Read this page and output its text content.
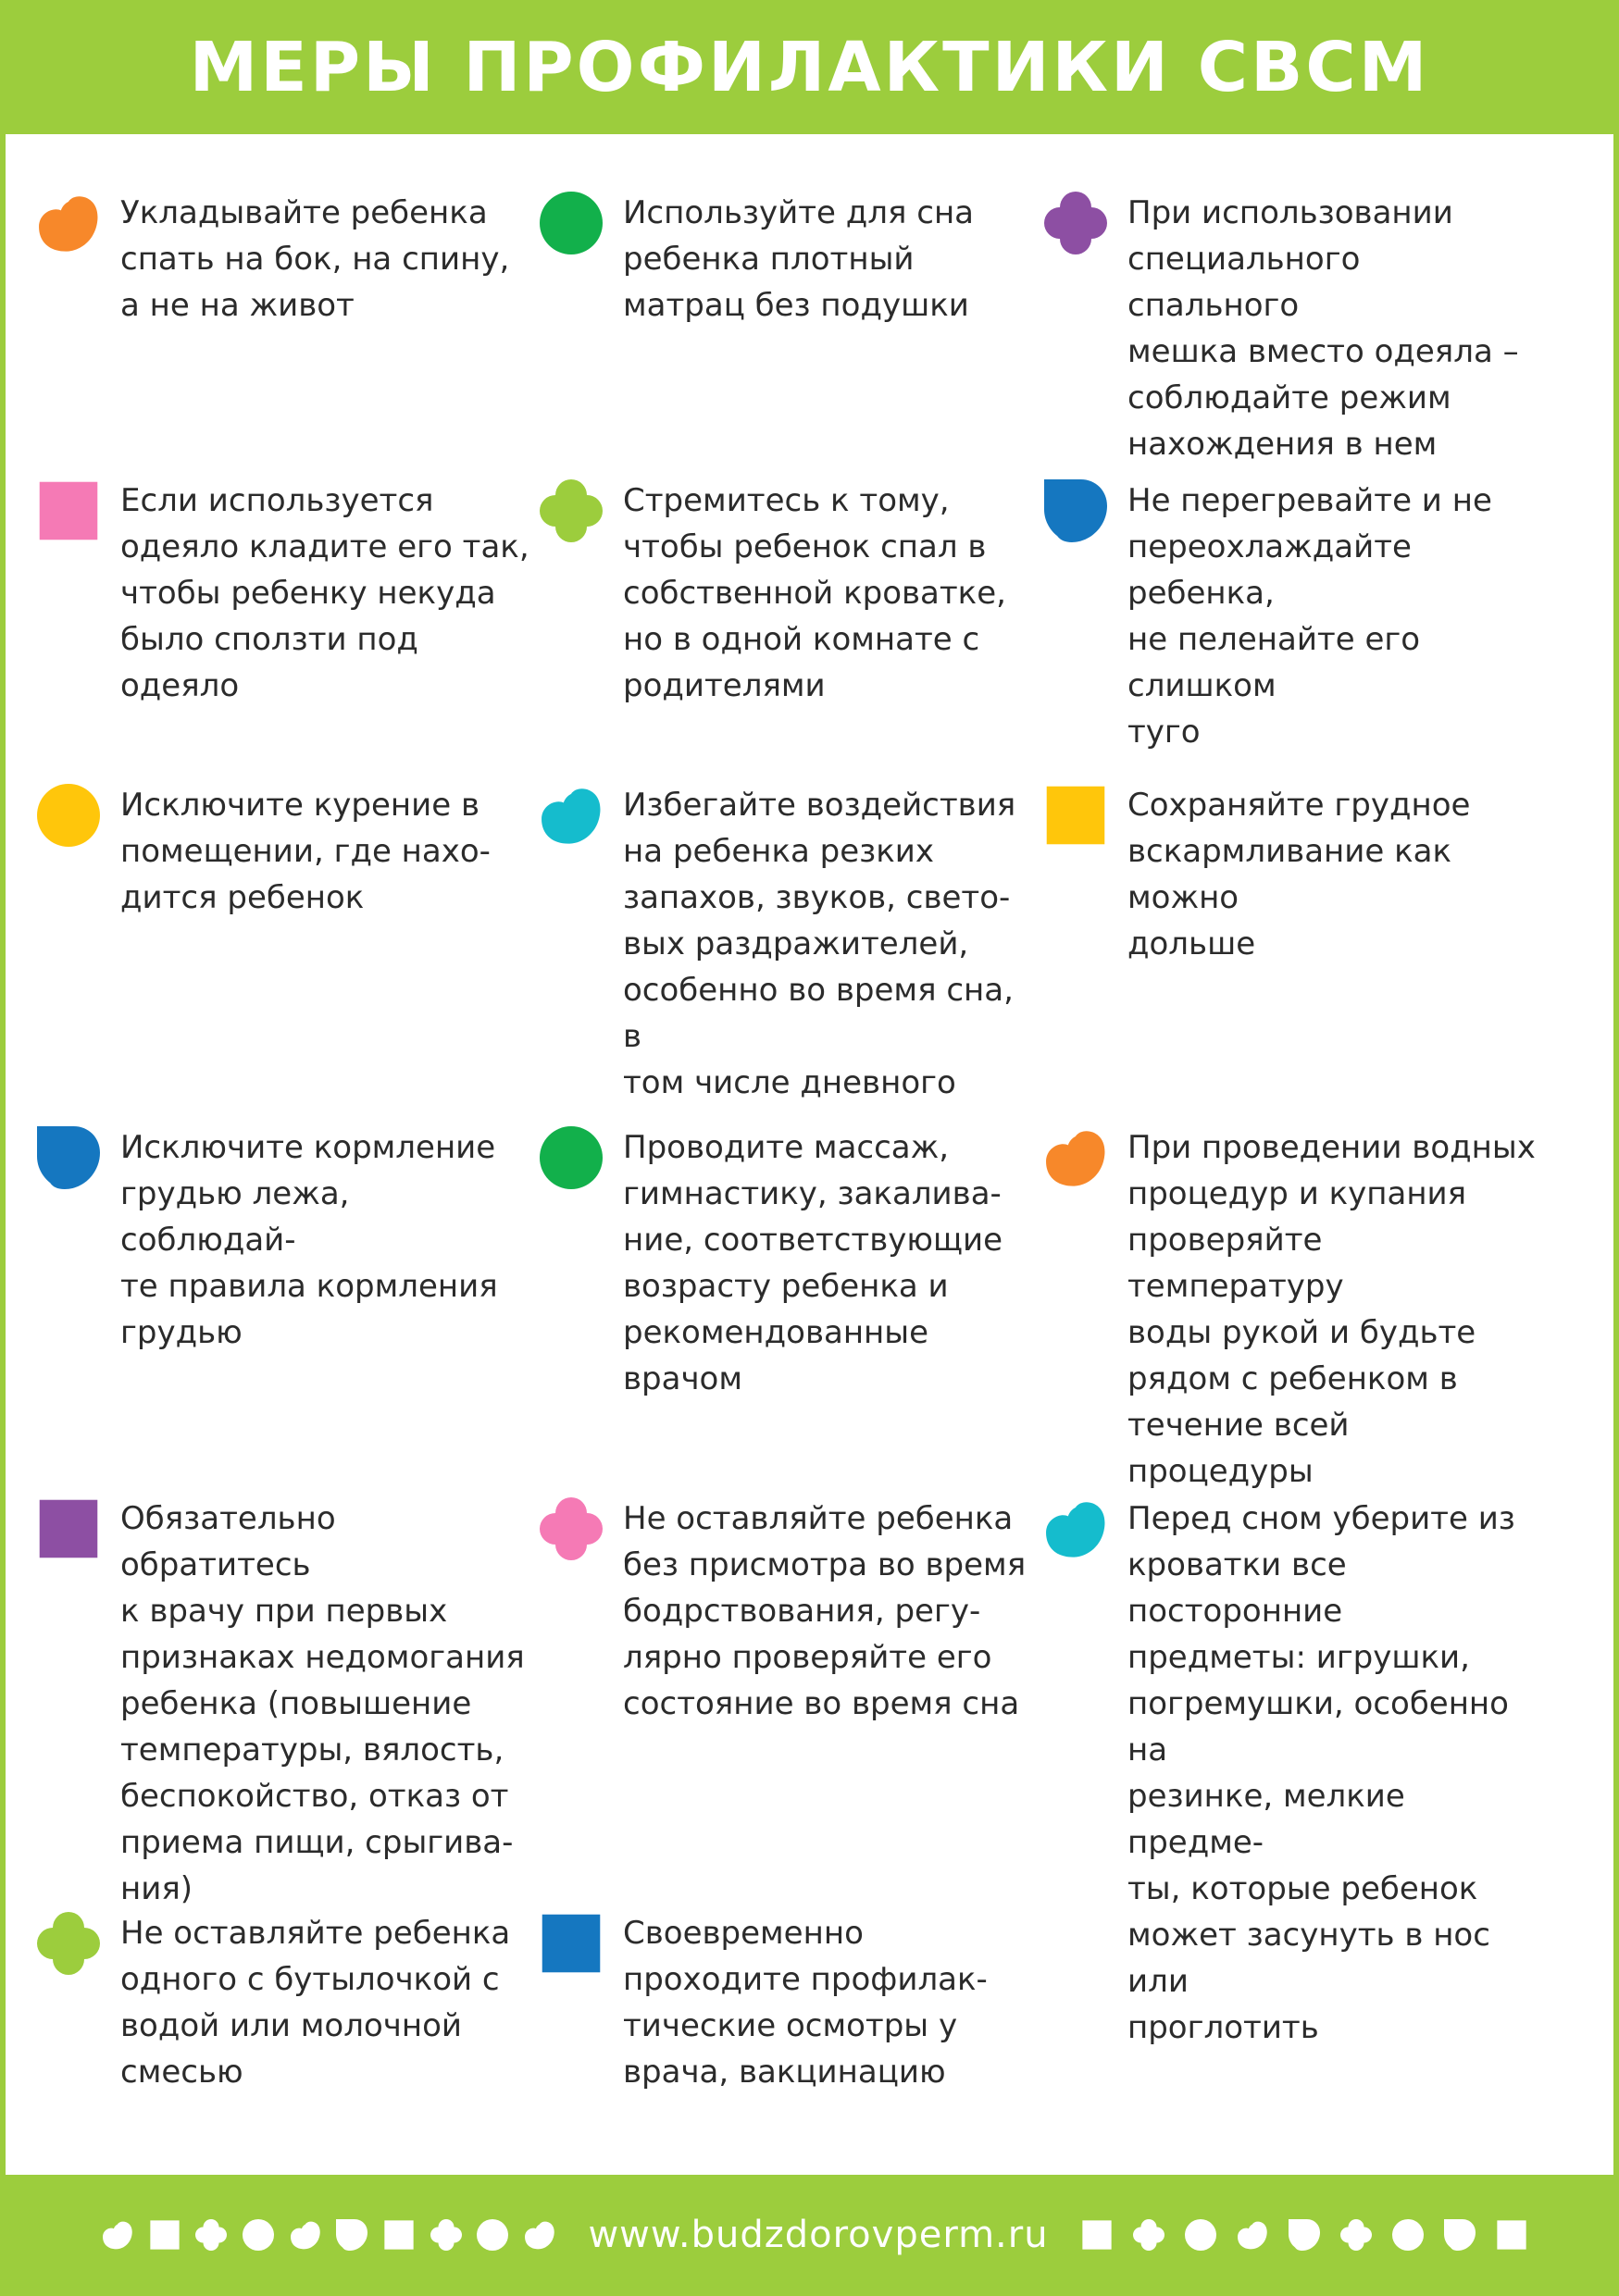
МЕРЫ ПРОФИЛАКТИКИ СВСМ

Укладывайте ребенка
спать на бок, на спину,
а не на живот

Используйте для сна
ребенка плотный
матрац без подушки

При использовании
специального спального
мешка вместо одеяла –
соблюдайте режим
нахождения в нем

Если используется
одеяло кладите его так,
чтобы ребенку некуда
было сползти под
одеяло

Стремитесь к тому,
чтобы ребенок спал в
собственной кроватке,
но в одной комнате с
родителями

Не перегревайте и не
переохлаждайте ребенка,
не пеленайте его слишком
туго

Исключите курение в
помещении, где нахо-
дится ребенок

Избегайте воздействия
на ребенка резких
запахов, звуков, свето-
вых раздражителей,
особенно во время сна, в
том числе дневного

Сохраняйте грудное
вскармливание как можно
дольше

Исключите кормление
грудью лежа, соблюдай-
те правила кормления
грудью

Проводите массаж,
гимнастику, закалива-
ние, соответствующие
возрасту ребенка и
рекомендованные
врачом

При проведении водных
процедур и купания
проверяйте температуру
воды рукой и будьте
рядом с ребенком в
течение всей процедуры

Обязательно обратитесь
к врачу при первых
признаках недомогания
ребенка (повышение
температуры, вялость,
беспокойство, отказ от
приема пищи, срыгива-
ния)

Не оставляйте ребенка
без присмотра во время
бодрствования, регу-
лярно проверяйте его
состояние во время сна

Перед сном уберите из
кроватки все посторонние
предметы: игрушки,
погремушки, особенно на
резинке, мелкие предме-
ты, которые ребенок
может засунуть в нос или
проглотить

Не оставляйте ребенка
одного с бутылочкой с
водой или молочной
смесью

Своевременно
проходите профилак-
тические осмотры у
врача, вакцинацию

www.budzdorovperm.ru
